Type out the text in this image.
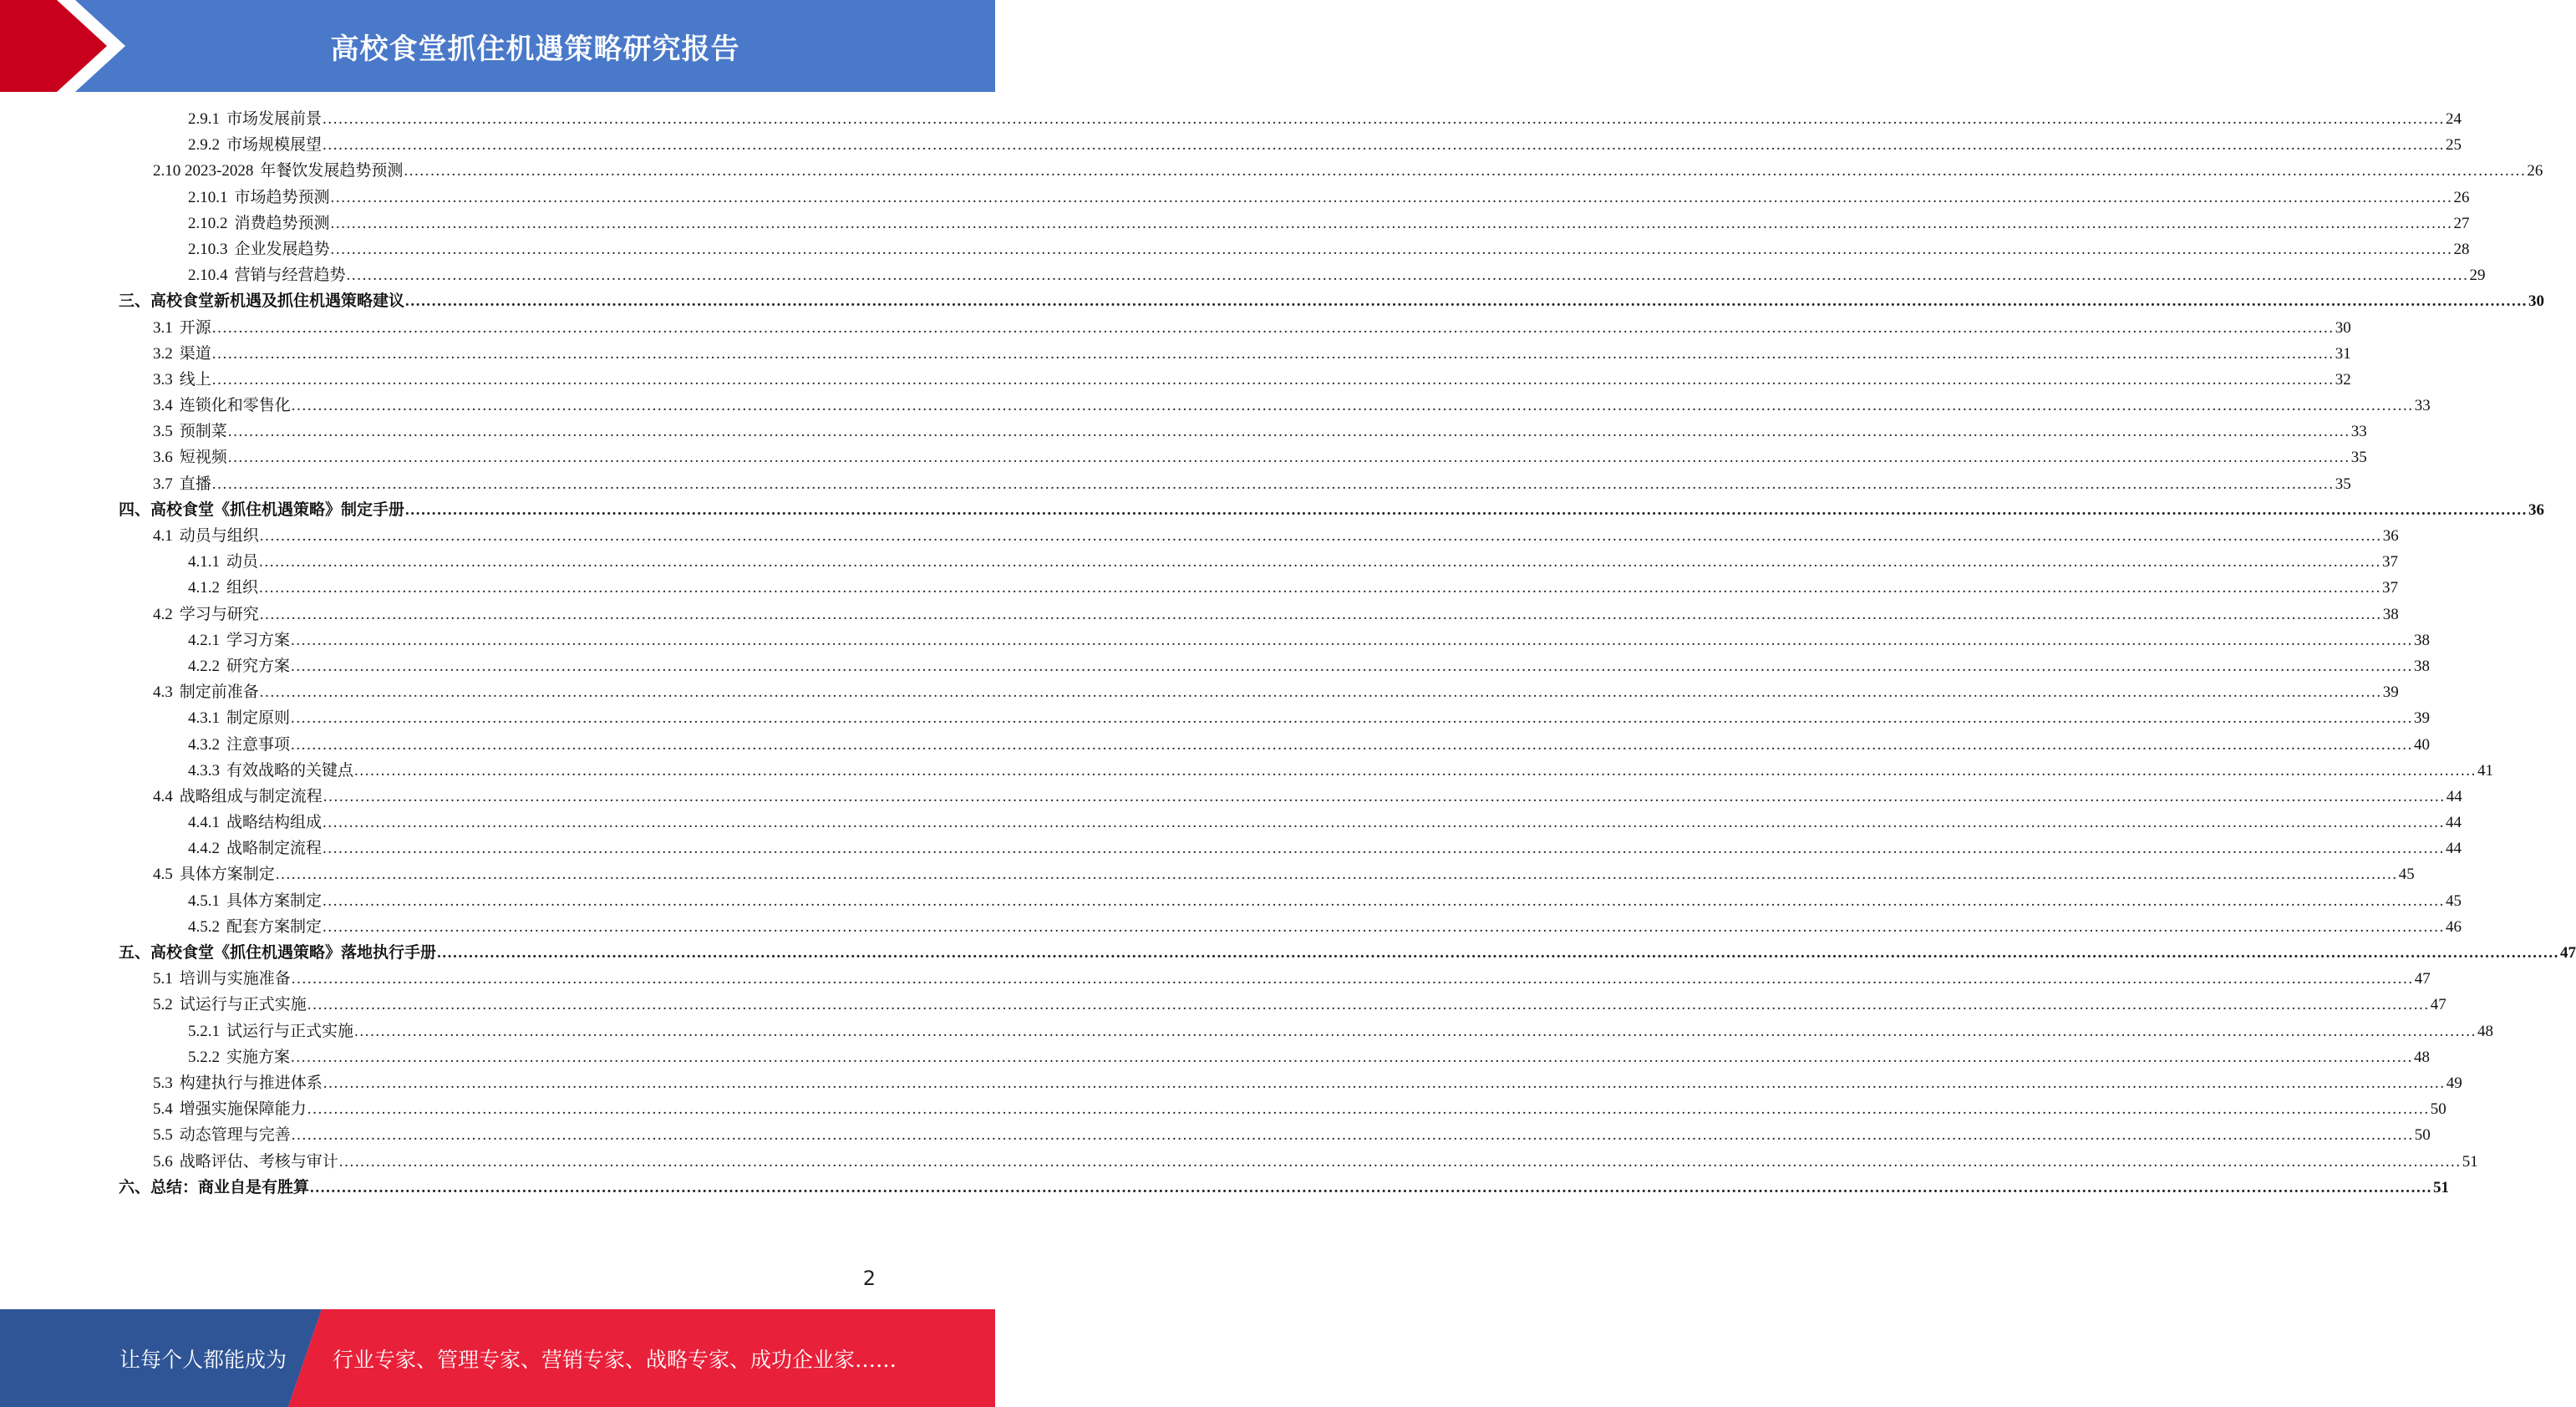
高校食堂抓住机遇策略研究报告
2.9.1 市场发展前景 ................................................................................................................................................................................................................................................................................................................................................................................................................ 24
2.9.2 市场规模展望 ................................................................................................................................................................................................................................................................................................................................................................................................................ 25
2.10 2023-2028 年餐饮发展趋势预测 ................................................................................................................................................................................................................................................................................................................................................................................................................ 26
2.10.1 市场趋势预测 ................................................................................................................................................................................................................................................................................................................................................................................................................ 26
2.10.2 消费趋势预测 ................................................................................................................................................................................................................................................................................................................................................................................................................ 27
2.10.3 企业发展趋势 ................................................................................................................................................................................................................................................................................................................................................................................................................ 28
2.10.4 营销与经营趋势 ................................................................................................................................................................................................................................................................................................................................................................................................................ 29
三、高校食堂新机遇及抓住机遇策略建议 ................................................................................................................................................................................................................................................................................................................................................................................................................ 30
3.1 开源 ................................................................................................................................................................................................................................................................................................................................................................................................................ 30
3.2 渠道 ................................................................................................................................................................................................................................................................................................................................................................................................................ 31
3.3 线上 ................................................................................................................................................................................................................................................................................................................................................................................................................ 32
3.4 连锁化和零售化 ................................................................................................................................................................................................................................................................................................................................................................................................................ 33
3.5 预制菜 ................................................................................................................................................................................................................................................................................................................................................................................................................ 33
3.6 短视频 ................................................................................................................................................................................................................................................................................................................................................................................................................ 35
3.7 直播 ................................................................................................................................................................................................................................................................................................................................................................................................................ 35
四、高校食堂《抓住机遇策略》制定手册 ................................................................................................................................................................................................................................................................................................................................................................................................................ 36
4.1 动员与组织 ................................................................................................................................................................................................................................................................................................................................................................................................................ 36
4.1.1 动员 ................................................................................................................................................................................................................................................................................................................................................................................................................ 37
4.1.2 组织 ................................................................................................................................................................................................................................................................................................................................................................................................................ 37
4.2 学习与研究 ................................................................................................................................................................................................................................................................................................................................................................................................................ 38
4.2.1 学习方案 ................................................................................................................................................................................................................................................................................................................................................................................................................ 38
4.2.2 研究方案 ................................................................................................................................................................................................................................................................................................................................................................................................................ 38
4.3 制定前准备 ................................................................................................................................................................................................................................................................................................................................................................................................................ 39
4.3.1 制定原则 ................................................................................................................................................................................................................................................................................................................................................................................................................ 39
4.3.2 注意事项 ................................................................................................................................................................................................................................................................................................................................................................................................................ 40
4.3.3 有效战略的关键点 ................................................................................................................................................................................................................................................................................................................................................................................................................ 41
4.4 战略组成与制定流程 ................................................................................................................................................................................................................................................................................................................................................................................................................ 44
4.4.1 战略结构组成 ................................................................................................................................................................................................................................................................................................................................................................................................................ 44
4.4.2 战略制定流程 ................................................................................................................................................................................................................................................................................................................................................................................................................ 44
4.5 具体方案制定 ................................................................................................................................................................................................................................................................................................................................................................................................................ 45
4.5.1 具体方案制定 ................................................................................................................................................................................................................................................................................................................................................................................................................ 45
4.5.2 配套方案制定 ................................................................................................................................................................................................................................................................................................................................................................................................................ 46
五、高校食堂《抓住机遇策略》落地执行手册 ................................................................................................................................................................................................................................................................................................................................................................................................................ 47
5.1 培训与实施准备 ................................................................................................................................................................................................................................................................................................................................................................................................................ 47
5.2 试运行与正式实施 ................................................................................................................................................................................................................................................................................................................................................................................................................ 47
5.2.1 试运行与正式实施 ................................................................................................................................................................................................................................................................................................................................................................................................................ 48
5.2.2 实施方案 ................................................................................................................................................................................................................................................................................................................................................................................................................ 48
5.3 构建执行与推进体系 ................................................................................................................................................................................................................................................................................................................................................................................................................ 49
5.4 增强实施保障能力 ................................................................................................................................................................................................................................................................................................................................................................................................................ 50
5.5 动态管理与完善 ................................................................................................................................................................................................................................................................................................................................................................................................................ 50
5.6 战略评估、考核与审计 ................................................................................................................................................................................................................................................................................................................................................................................................................ 51
六、总结：商业自是有胜算 ................................................................................................................................................................................................................................................................................................................................................................................................................ 51
2
让每个人都能成为 行业专家、管理专家、营销专家、战略专家、成功企业家……
